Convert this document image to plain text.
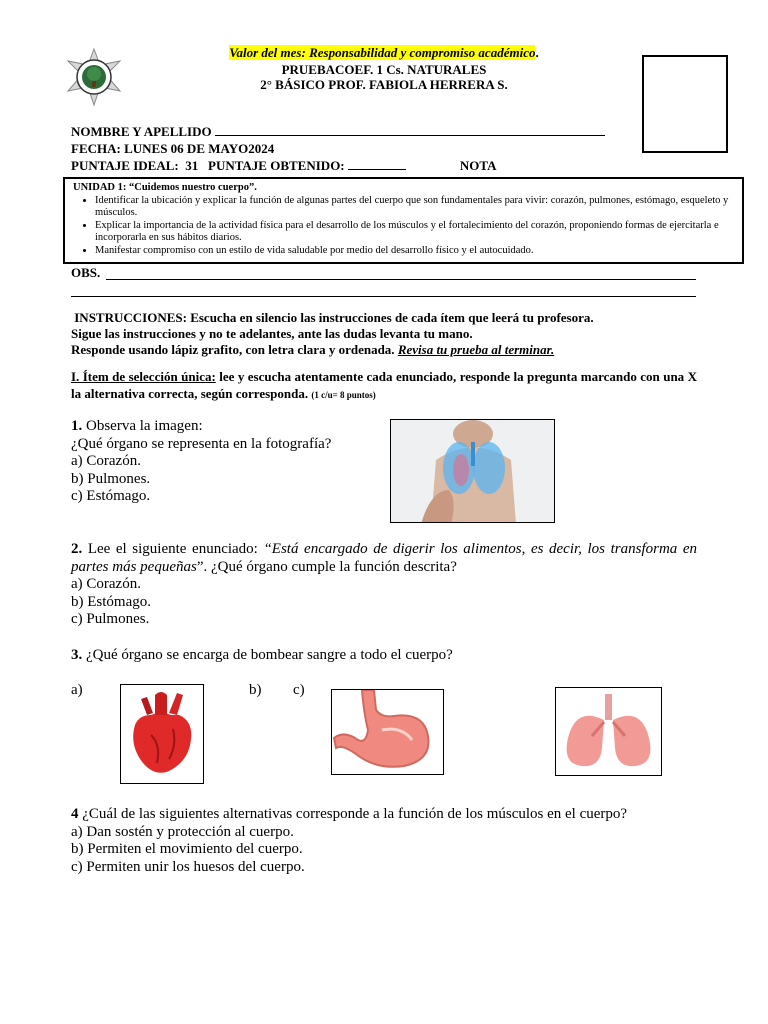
Valor del mes: Responsabilidad y compromiso académico.
PRUEBACOEF. 1 Cs. NATURALES
2° BÁSICO PROF. FABIOLA HERRERA S.
NOMBRE Y APELLIDO
FECHA: LUNES 06 DE MAYO2024
PUNTAJE IDEAL: 31 PUNTAJE OBTENIDO:	NOTA
UNIDAD 1: “Cuidemos nuestro cuerpo”.
• Identificar la ubicación y explicar la función de algunas partes del cuerpo que son fundamentales para vivir: corazón, pulmones, estómago, esqueleto y músculos.
• Explicar la importancia de la actividad física para el desarrollo de los músculos y el fortalecimiento del corazón, proponiendo formas de ejercitarla e incorporarla en sus hábitos diarios.
• Manifestar compromiso con un estilo de vida saludable por medio del desarrollo físico y el autocuidado.
OBS.
INSTRUCCIONES: Escucha en silencio las instrucciones de cada ítem que leerá tu profesora.
Sigue las instrucciones y no te adelantes, ante las dudas levanta tu mano.
Responde usando lápiz grafito, con letra clara y ordenada. Revisa tu prueba al terminar.
I. Ítem de selección única: lee y escucha atentamente cada enunciado, responde la pregunta marcando con una X la alternativa correcta, según corresponda. (1 c/u= 8 puntos)
1. Observa la imagen:
¿Qué órgano se representa en la fotografía?
a) Corazón.
b) Pulmones.
c) Estómago.
2. Lee el siguiente enunciado: “Está encargado de digerir los alimentos, es decir, los transforma en partes más pequeñas”. ¿Qué órgano cumple la función descrita?
a) Corazón.
b) Estómago.
c) Pulmones.
3. ¿Qué órgano se encarga de bombear sangre a todo el cuerpo?
a)	b) c)
4 ¿Cuál de las siguientes alternativas corresponde a la función de los músculos en el cuerpo?
a) Dan sostén y protección al cuerpo.
b) Permiten el movimiento del cuerpo.
c) Permiten unir los huesos del cuerpo.
